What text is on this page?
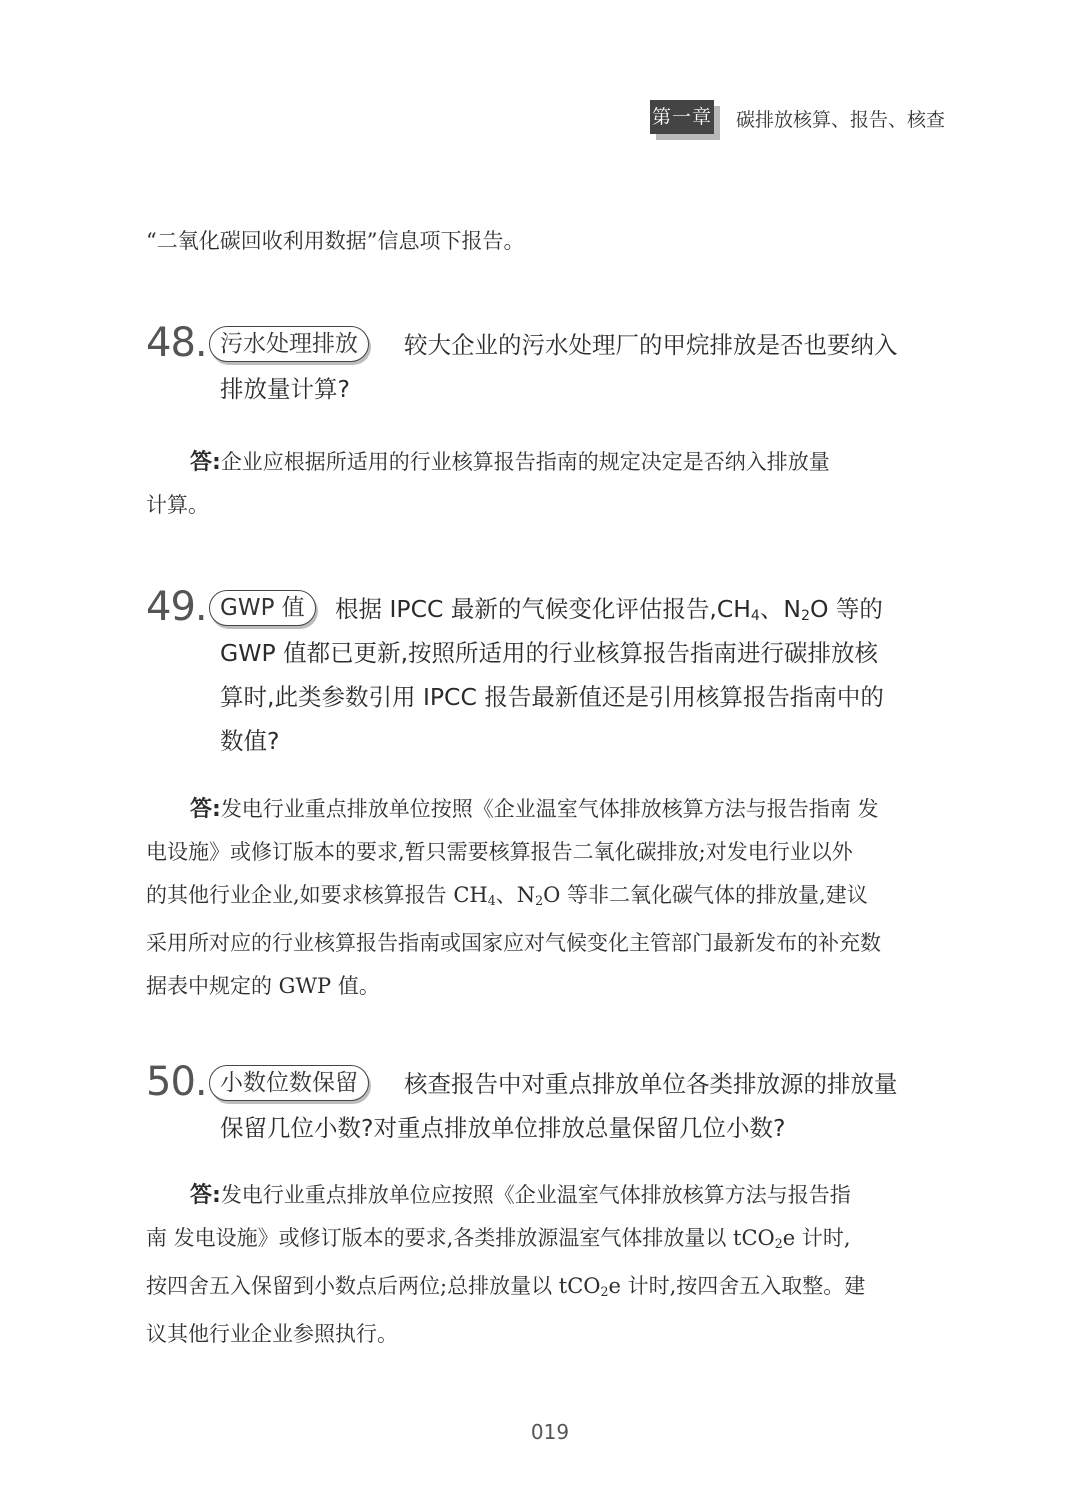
第一章 碳排放核算、报告、核查
“二氧化碳回收利用数据”信息项下报告。
48. 污水处理排放	较大企业的污水处理厂的甲烷排放是否也要纳入
排放量计算?
答:企业应根据所适用的行业核算报告指南的规定决定是否纳入排放量
计算。
49. GWP 值	根据 IPCC 最新的气候变化评估报告$,CH_4$、$N_2O$ 等的
GWP 值都已更新,按照所适用的行业核算报告指南进行碳排放核
算时,此类参数引用 IPCC 报告最新值还是引用核算报告指南中的
数值?
答:发电行业重点排放单位按照《企业温室气体排放核算方法与报告指南 发
电设施》或修订版本的要求,暂只需要核算报告二氧化碳排放;对发电行业以外
的其他行业企业,如要求核算报告 $CH_4$、$N_2O$ 等非二氧化碳气体的排放量,建议
采用所对应的行业核算报告指南或国家应对气候变化主管部门最新发布的补充数
据表中规定的 GWP 值。
50. 小数位数保留	核查报告中对重点排放单位各类排放源的排放量
保留几位小数?对重点排放单位排放总量保留几位小数?
答:发电行业重点排放单位应按照《企业温室气体排放核算方法与报告指
南 发电设施》或修订版本的要求,各类排放源温室气体排放量以 tCO$_2$e 计时,
按四舍五入保留到小数点后两位;总排放量以 tCO$_2$e 计时,按四舍五入取整。建
议其他行业企业参照执行。
019
